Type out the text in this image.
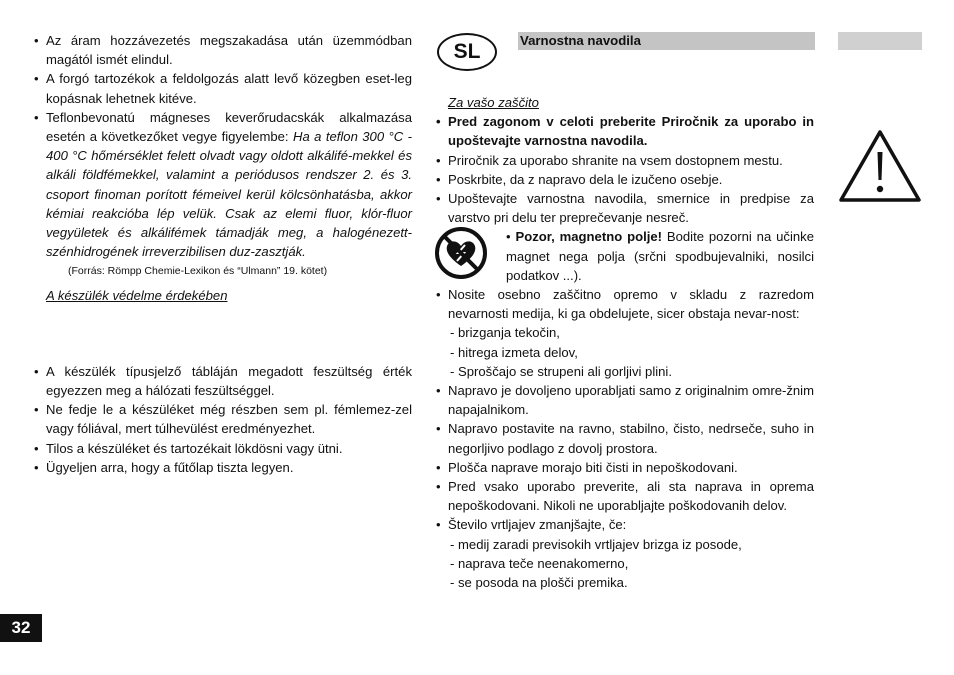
• Az áram hozzávezetés megszakadása után üzemmódban magától ismét elindul.
• A forgó tartozékok a feldolgozás alatt levő közegben eset-leg kopásnak lehetnek kitéve.
• Teflonbevonatú mágneses keverőrudacskák alkalmazása esetén a következőket vegye figyelembe: Ha a teflon 300 °C - 400 °C hőmérséklet felett olvadt vagy oldott alkálifé-mekkel és alkáli földfémekkel, valamint a periódusos rendszer 2. és 3. csoport finoman porított fémeivel kerül kölcsönhatásba, akkor kémiai reakcióba lép velük. Csak az elemi fluor, klór-fluor vegyületek és alkálifémek támadják meg, a halogénezett-szénhidrogének irreverzibilisen duz-zasztják.
(Forrás: Römpp Chemie-Lexikon és “Ulmann” 19. kötet)
A készülék védelme érdekében
• A készülék típusjelző tábláján megadott feszültség érték egyezzen meg a hálózati feszültséggel.
• Ne fedje le a készüléket még részben sem pl. fémlemez-zel vagy fóliával, mert túlhevülést eredményezhet.
• Tilos a készüléket és tartozékait lökdösni vagy ütni.
• Ügyeljen arra, hogy a fűtőlap tiszta legyen.
SL	Varnostna navodila
Za vašo zaščito
• Pred zagonom v celoti preberite Priročnik za uporabo in upoštevajte varnostna navodila.
• Priročnik za uporabo shranite na vsem dostopnem mestu.
• Poskrbite, da z napravo dela le izučeno osebje.
• Upoštevajte varnostna navodila, smernice in predpise za varstvo pri delu ter preprečevanje nesreč.
• Pozor, magnetno polje! Bodite pozorni na učinke magnet nega polja (srčni spodbujevalniki, nosilci podatkov ...).
• Nosite osebno zaščitno opremo v skladu z razredom nevarnosti medija, ki ga obdelujete, sicer obstaja nevar-nost:
- brizganja tekočin,
- hitrega izmeta delov,
- Sproščajo se strupeni ali gorljivi plini.
• Napravo je dovoljeno uporabljati samo z originalnim omre-žnim napajalnikom.
• Napravo postavite na ravno, stabilno, čisto, nedrseče, suho in negorljivo podlago z dovolj prostora.
• Plošča naprave morajo biti čisti in nepoškodovani.
• Pred vsako uporabo preverite, ali sta naprava in oprema nepoškodovani. Nikoli ne uporabljajte poškodovanih delov.
• Število vrtljajev zmanjšajte, če:
- medij zaradi previsokih vrtljajev brizga iz posode,
- naprava teče neenakomerno,
- se posoda na plošči premika.
32
